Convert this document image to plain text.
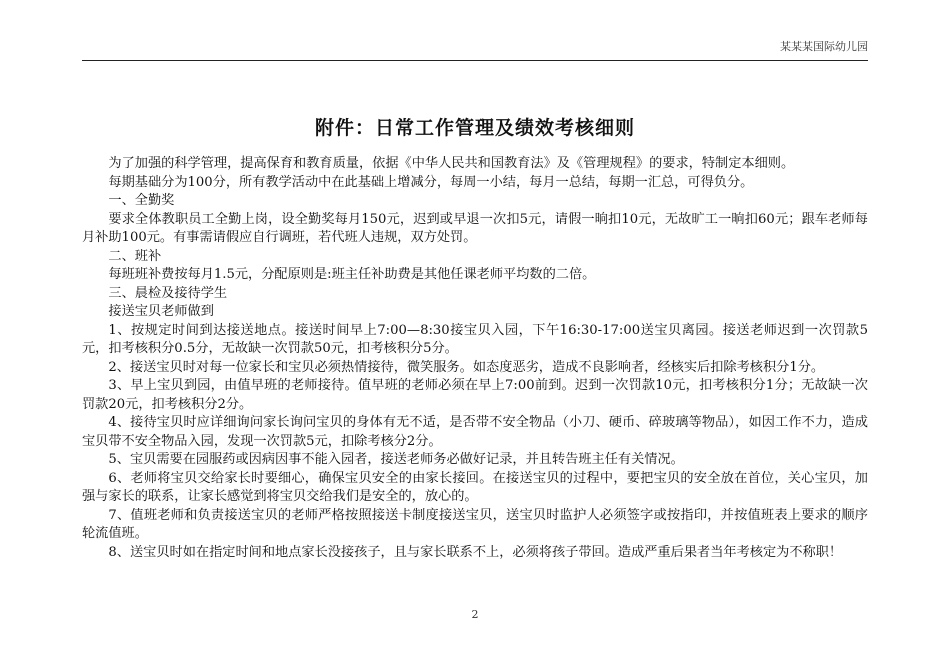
某某某国际幼儿园
附件：日常工作管理及绩效考核细则

为了加强的科学管理，提高保育和教育质量，依据《中华人民共和国教育法》及《管理规程》的要求，特制定本细则。

每期基础分为100分，所有教学活动中在此基础上增减分，每周一小结，每月一总结，每期一汇总，可得负分。

一、全勤奖

要求全体教职员工全勤上岗，设全勤奖每月150元，迟到或早退一次扣5元，请假一晌扣10元，无故旷工一晌扣60元；跟车老师每月补助100元。有事需请假应自行调班，若代班人违规，双方处罚。

二、班补

每班班补费按每月1.5元，分配原则是:班主任补助费是其他任课老师平均数的二倍。

三、晨检及接待学生

接送宝贝老师做到

1、按规定时间到达接送地点。接送时间早上7:00—8:30接宝贝入园，下午16:30-17:00送宝贝离园。接送老师迟到一次罚款5元，扣考核积分0.5分，无故缺一次罚款50元，扣考核积分5分。

2、接送宝贝时对每一位家长和宝贝必须热情接待，微笑服务。如态度恶劣，造成不良影响者，经核实后扣除考核积分1分。

3、早上宝贝到园，由值早班的老师接待。值早班的老师必须在早上7:00前到。迟到一次罚款10元，扣考核积分1分；无故缺一次罚款20元，扣考核积分2分。

4、接待宝贝时应详细询问家长询问宝贝的身体有无不适，是否带不安全物品（小刀、硬币、碎玻璃等物品），如因工作不力，造成宝贝带不安全物品入园，发现一次罚款5元，扣除考核分2分。

5、宝贝需要在园服药或因病因事不能入园者，接送老师务必做好记录，并且转告班主任有关情况。

6、老师将宝贝交给家长时要细心，确保宝贝安全的由家长接回。在接送宝贝的过程中，要把宝贝的安全放在首位，关心宝贝，加强与家长的联系，让家长感觉到将宝贝交给我们是安全的，放心的。

7、值班老师和负责接送宝贝的老师严格按照接送卡制度接送宝贝，送宝贝时监护人必须签字或按指印，并按值班表上要求的顺序轮流值班。

8、送宝贝时如在指定时间和地点家长没接孩子，且与家长联系不上，必须将孩子带回。造成严重后果者当年考核定为不称职！

2
